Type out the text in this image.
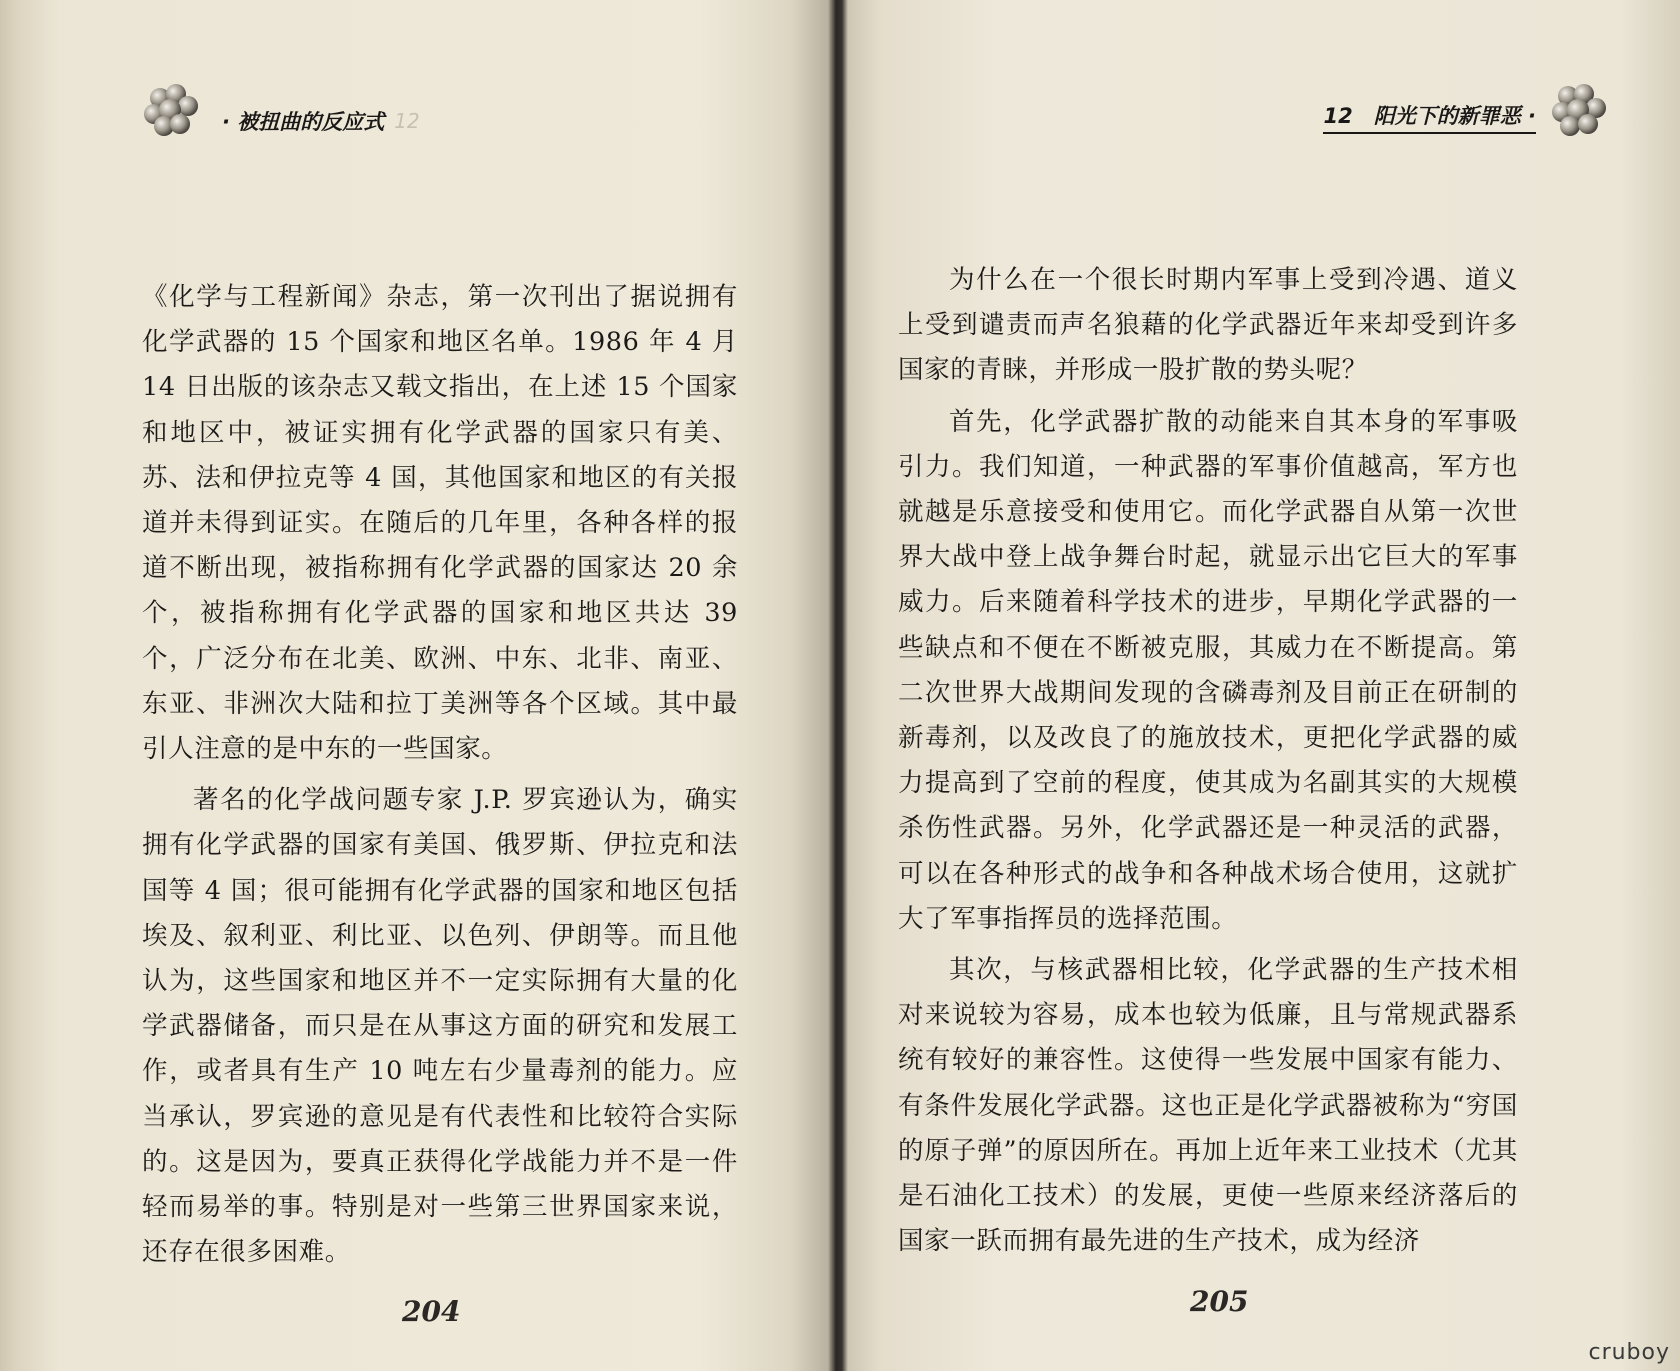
· 被扭曲的反应式 12

《化学与工程新闻》杂志，第一次刊出了据说拥有化学武器的 15 个国家和地区名单。1986 年 4 月 14 日出版的该杂志又载文指出，在上述 15 个国家和地区中，被证实拥有化学武器的国家只有美、苏、法和伊拉克等 4 国，其他国家和地区的有关报道并未得到证实。在随后的几年里，各种各样的报道不断出现，被指称拥有化学武器的国家达 20 余个，被指称拥有化学武器的国家和地区共达 39 个，广泛分布在北美、欧洲、中东、北非、南亚、东亚、非洲次大陆和拉丁美洲等各个区域。其中最引人注意的是中东的一些国家。

著名的化学战问题专家 J.P. 罗宾逊认为，确实拥有化学武器的国家有美国、俄罗斯、伊拉克和法国等 4 国；很可能拥有化学武器的国家和地区包括埃及、叙利亚、利比亚、以色列、伊朗等。而且他认为，这些国家和地区并不一定实际拥有大量的化学武器储备，而只是在从事这方面的研究和发展工作，或者具有生产 10 吨左右少量毒剂的能力。应当承认，罗宾逊的意见是有代表性和比较符合实际的。这是因为，要真正获得化学战能力并不是一件轻而易举的事。特别是对一些第三世界国家来说，还存在很多困难。

204
12　阳光下的新罪恶 ·

为什么在一个很长时期内军事上受到冷遇、道义上受到谴责而声名狼藉的化学武器近年来却受到许多国家的青睐，并形成一股扩散的势头呢？

首先，化学武器扩散的动能来自其本身的军事吸引力。我们知道，一种武器的军事价值越高，军方也就越是乐意接受和使用它。而化学武器自从第一次世界大战中登上战争舞台时起，就显示出它巨大的军事威力。后来随着科学技术的进步，早期化学武器的一些缺点和不便在不断被克服，其威力在不断提高。第二次世界大战期间发现的含磷毒剂及目前正在研制的新毒剂，以及改良了的施放技术，更把化学武器的威力提高到了空前的程度，使其成为名副其实的大规模杀伤性武器。另外，化学武器还是一种灵活的武器，可以在各种形式的战争和各种战术场合使用，这就扩大了军事指挥员的选择范围。

其次，与核武器相比较，化学武器的生产技术相对来说较为容易，成本也较为低廉，且与常规武器系统有较好的兼容性。这使得一些发展中国家有能力、有条件发展化学武器。这也正是化学武器被称为“穷国的原子弹”的原因所在。再加上近年来工业技术（尤其是石油化工技术）的发展，更使一些原来经济落后的国家一跃而拥有最先进的生产技术，成为经济

205
cruboy
